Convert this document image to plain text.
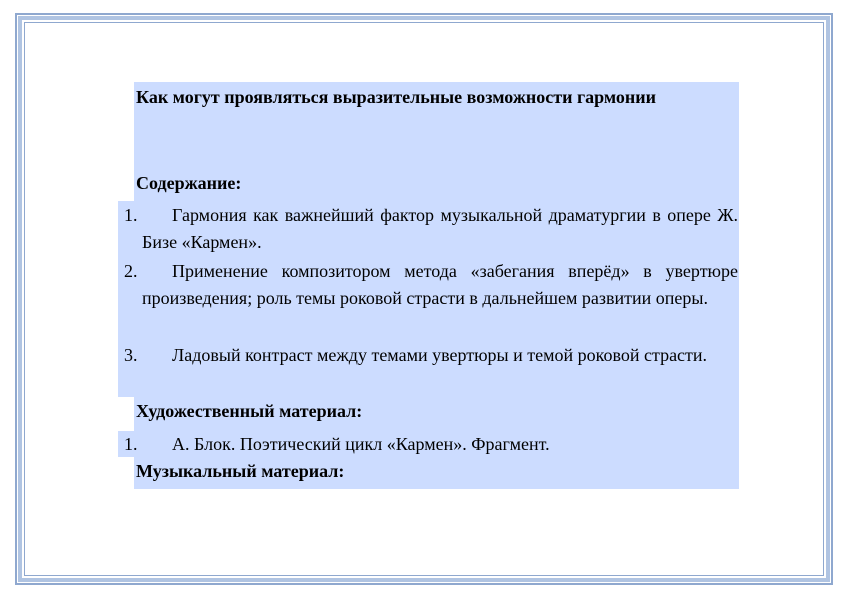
Как могут проявляться выразительные возможности гармонии
Содержание:
1.	Гармония как важнейший фактор музыкальной драматургии в опере Ж. Бизе «Кармен».
2.	Применение композитором метода «забегания вперёд» в увертюре произведения; роль темы роковой страсти в дальнейшем развитии оперы.
3.	Ладовый контраст между темами увертюры и темой роковой страсти.
Художественный материал:
1.	А. Блок. Поэтический цикл «Кармен». Фрагмент.
Музыкальный материал:
